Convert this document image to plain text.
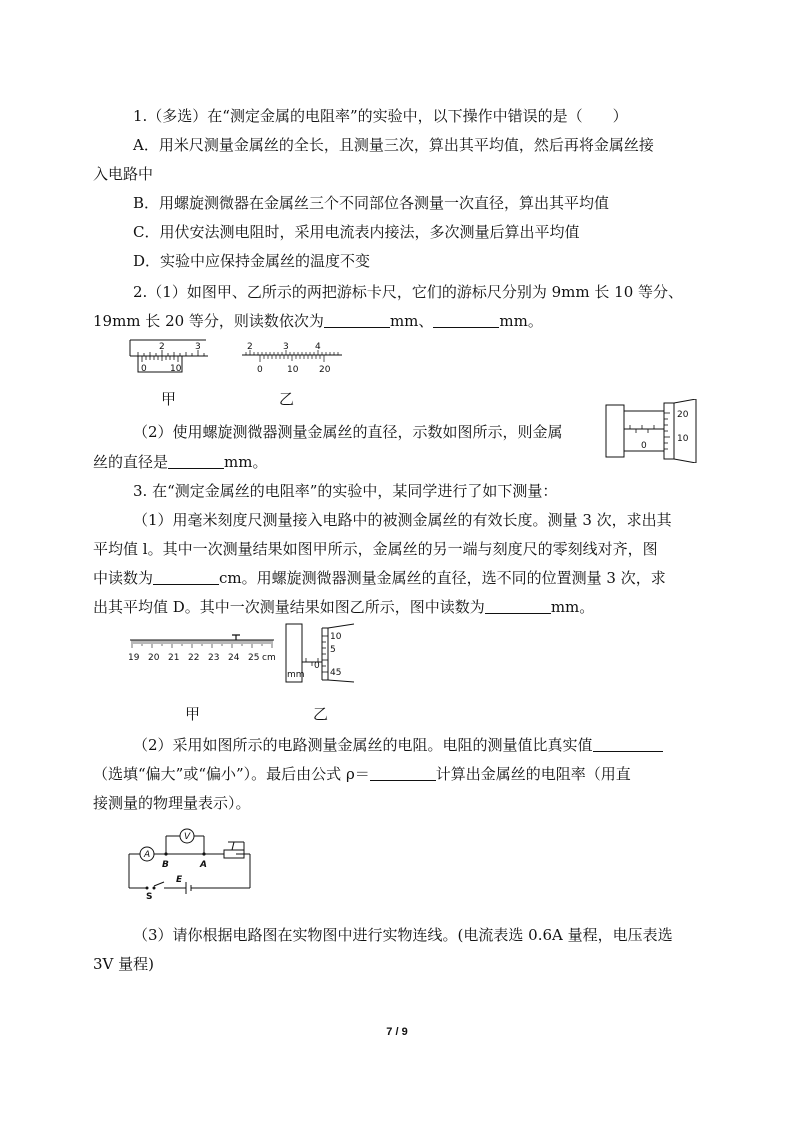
1.（多选）在“测定金属的电阻率”的实验中，以下操作中错误的是（　　）
A．用米尺测量金属丝的全长，且测量三次，算出其平均值，然后再将金属丝接
入电路中
B．用螺旋测微器在金属丝三个不同部位各测量一次直径，算出其平均值
C．用伏安法测电阻时，采用电流表内接法，多次测量后算出平均值
D．实验中应保持金属丝的温度不变
2.（1）如图甲、乙所示的两把游标卡尺，它们的游标尺分别为 9mm 长 10 等分、
19mm 长 20 等分，则读数依次为	mm、	mm。
2	3
0	10
2	3	4
0	10 20
甲	乙
20
10
0
（2）使用螺旋测微器测量金属丝的直径，示数如图所示，则金属
丝的直径是	mm。
3. 在“测定金属丝的电阻率”的实验中，某同学进行了如下测量：
（1）用毫米刻度尺测量接入电路中的被测金属丝的有效长度。测量 3 次，求出其
平均值 l。其中一次测量结果如图甲所示，金属丝的另一端与刻度尺的零刻线对齐，图
中读数为	cm。用螺旋测微器测量金属丝的直径，选不同的位置测量 3 次，求
出其平均值 D。其中一次测量结果如图乙所示，图中读数为	mm。
19 20 21 22 23 24 25 cm
10
5
0
45
mm
甲	乙
（2）采用如图所示的电路测量金属丝的电阻。电阻的测量值比真实值
（选填“偏大”或“偏小”）。最后由公式 ρ＝	计算出金属丝的电阻率（用直
接测量的物理量表示）。
A
V
B	A
E
S
（3）请你根据电路图在实物图中进行实物连线。(电流表选 0.6A 量程，电压表选
3V 量程)
7 / 9
